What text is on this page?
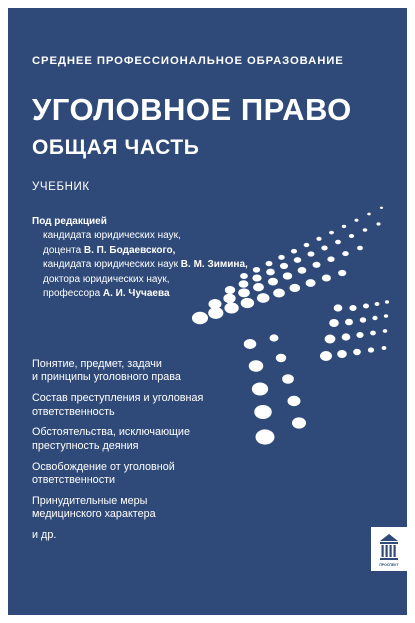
СРЕДНЕЕ ПРОФЕССИОНАЛЬНОЕ ОБРАЗОВАНИЕ
УГОЛОВНОЕ ПРАВО
ОБЩАЯ ЧАСТЬ
УЧЕБНИК
Под редакцией
кандидата юридических наук,
доцента В. П. Бодаевского,
кандидата юридических наук В. М. Зимина,
доктора юридических наук,
профессора А. И. Чучаева
Понятие, предмет, задачи
и принципы уголовного права
Состав преступления и уголовная
ответственность
Обстоятельства, исключающие
преступность деяния
Освобождение от уголовной
ответственности
Принудительные меры
медицинского характера
и др.
ПРОСПЕКТ
